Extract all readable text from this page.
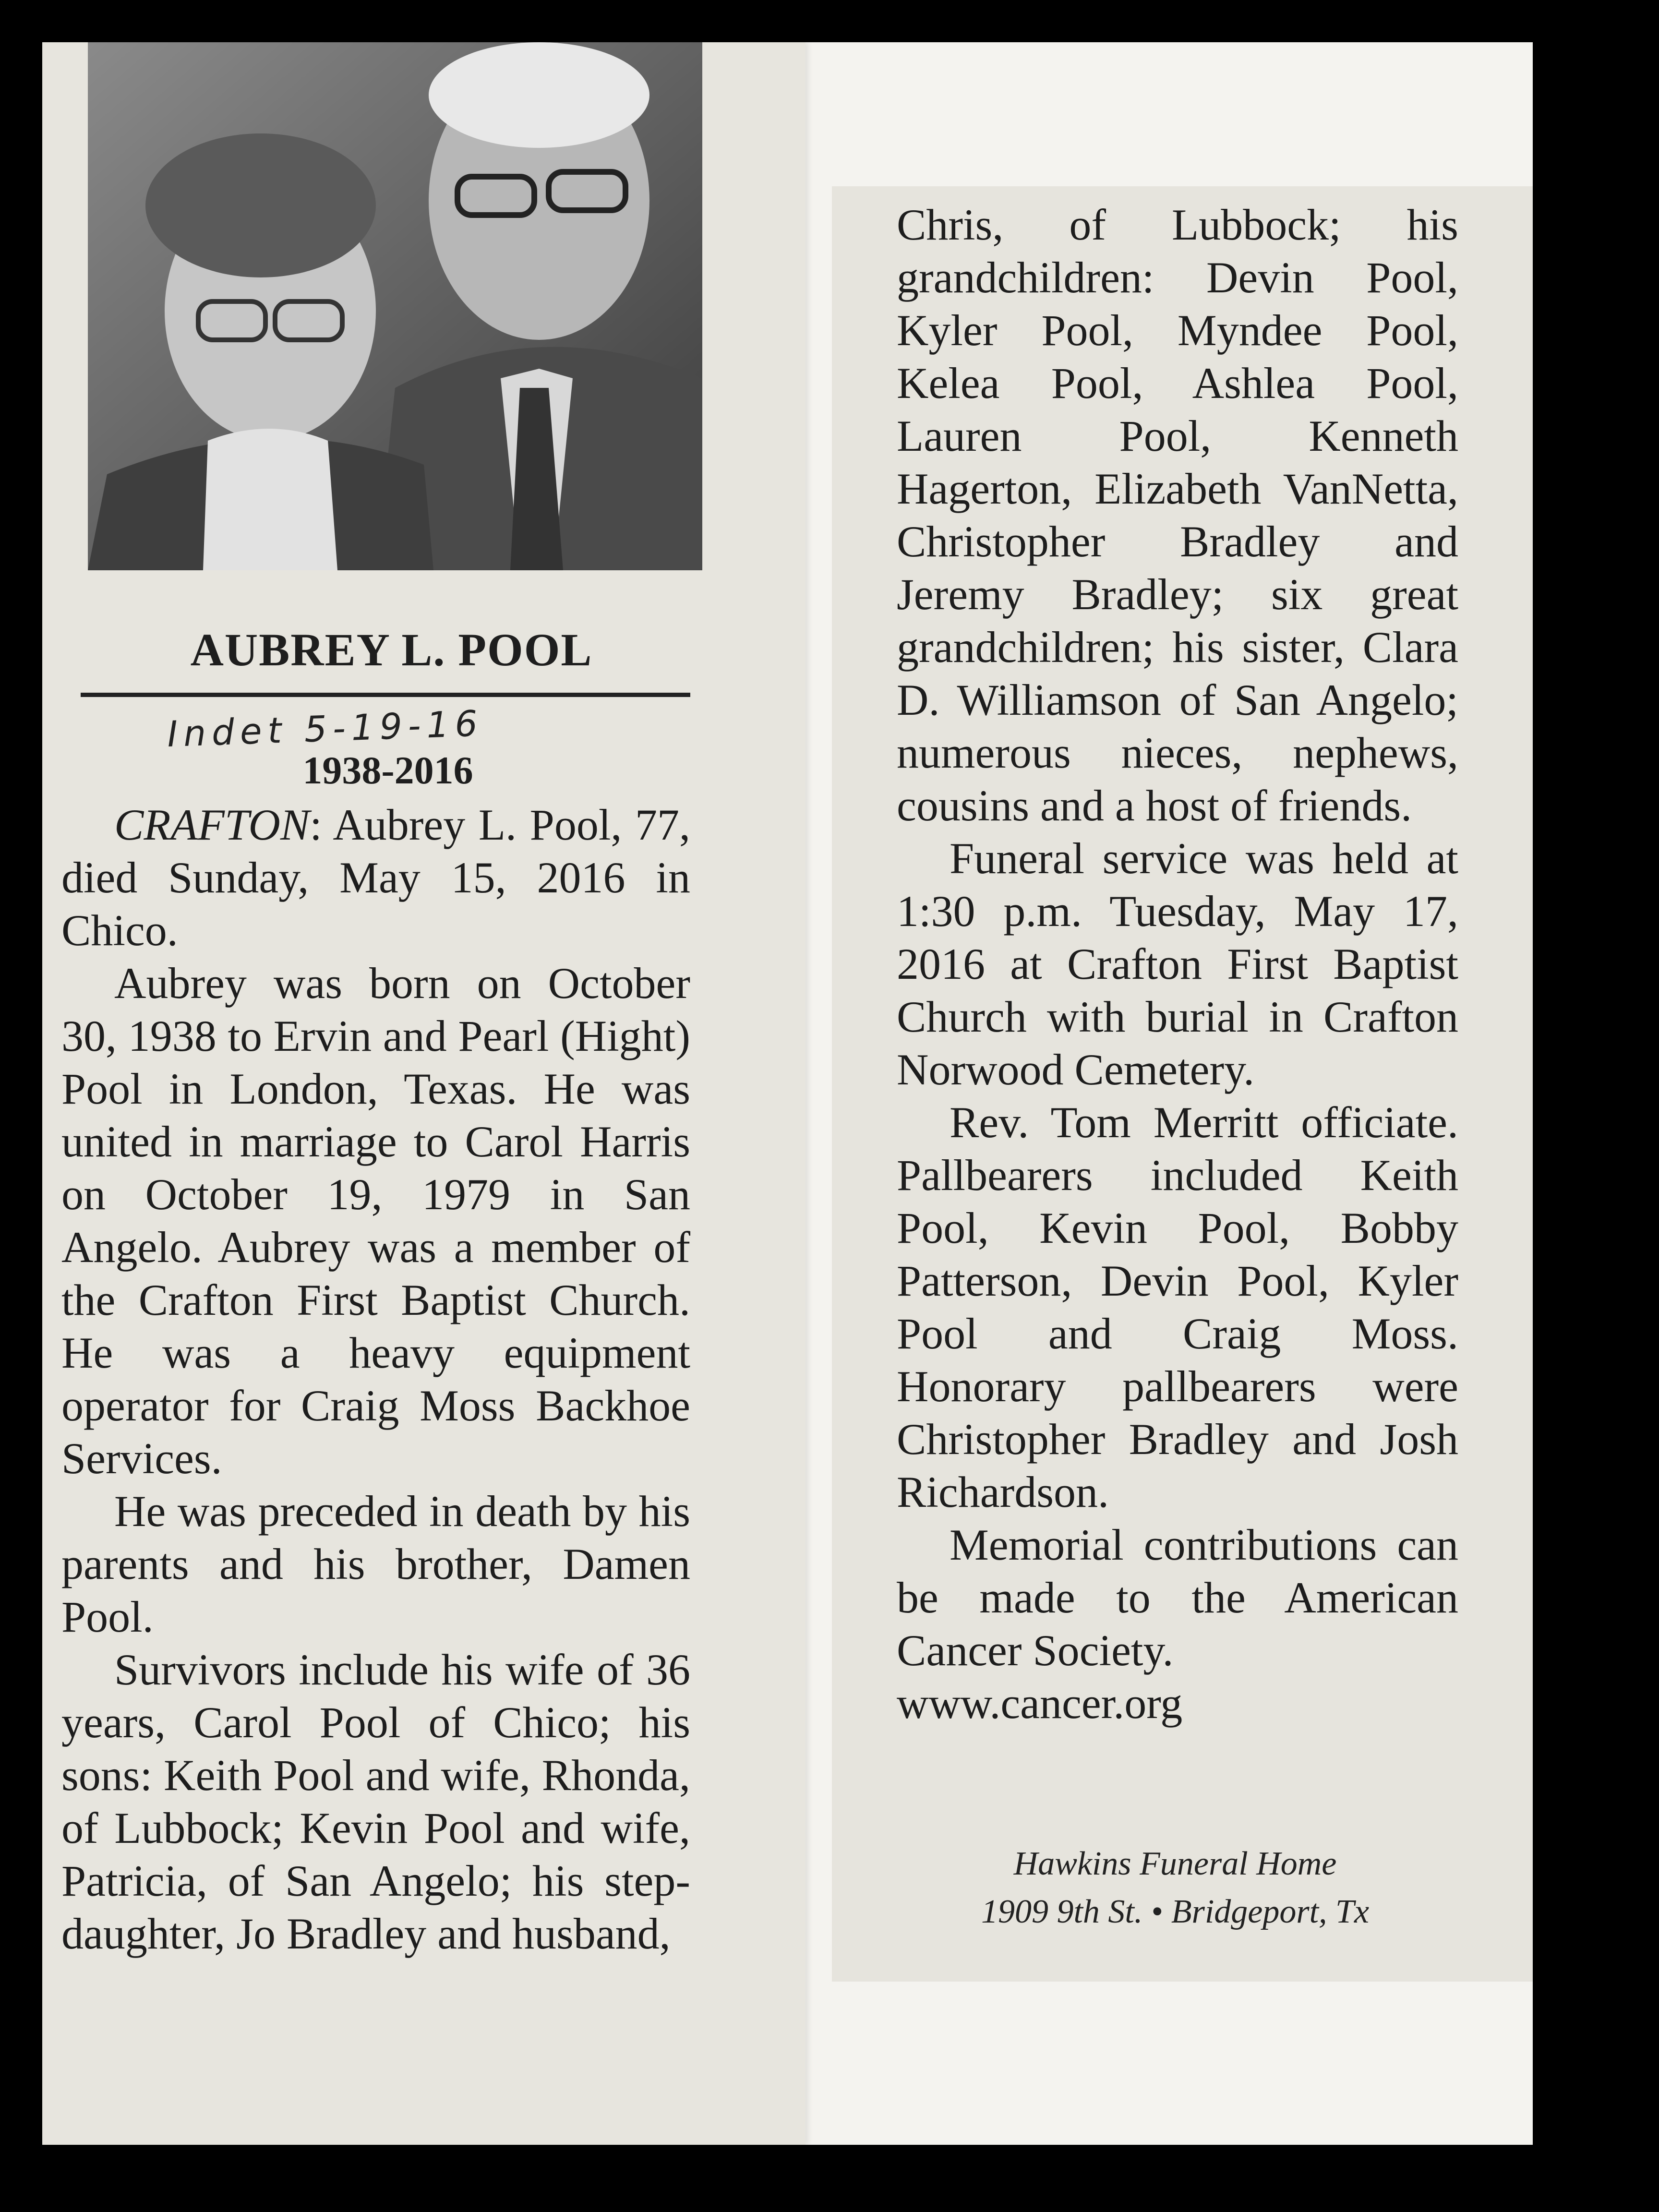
AUBREY L. POOL
Indet 5-19-16
1938-2016

CRAFTON: Aubrey L. Pool, 77, died Sunday, May 15, 2016 in Chico.

Aubrey was born on October 30, 1938 to Ervin and Pearl (Hight) Pool in London, Texas. He was united in marriage to Carol Harris on October 19, 1979 in San Angelo. Aubrey was a member of the Crafton First Baptist Church. He was a heavy equipment operator for Craig Moss Backhoe Services.

He was preceded in death by his parents and his brother, Damen Pool.

Survivors include his wife of 36 years, Carol Pool of Chico; his sons: Keith Pool and wife, Rhonda, of Lubbock; Kevin Pool and wife, Patricia, of San Angelo; his step-daughter, Jo Bradley and husband,

Chris, of Lubbock; his grandchildren: Devin Pool, Kyler Pool, Myndee Pool, Kelea Pool, Ashlea Pool, Lauren Pool, Kenneth Hagerton, Elizabeth VanNetta, Christopher Bradley and Jeremy Bradley; six great grandchildren; his sister, Clara D. Williamson of San Angelo; numerous nieces, nephews, cousins and a host of friends.

Funeral service was held at 1:30 p.m. Tuesday, May 17, 2016 at Crafton First Baptist Church with burial in Crafton Norwood Cemetery.

Rev. Tom Merritt officiate. Pallbearers included Keith Pool, Kevin Pool, Bobby Patterson, Devin Pool, Kyler Pool and Craig Moss. Honorary pallbearers were Christopher Bradley and Josh Richardson.

Memorial contributions can be made to the American Cancer Society.

www.cancer.org

Hawkins Funeral Home
1909 9th St. • Bridgeport, Tx
